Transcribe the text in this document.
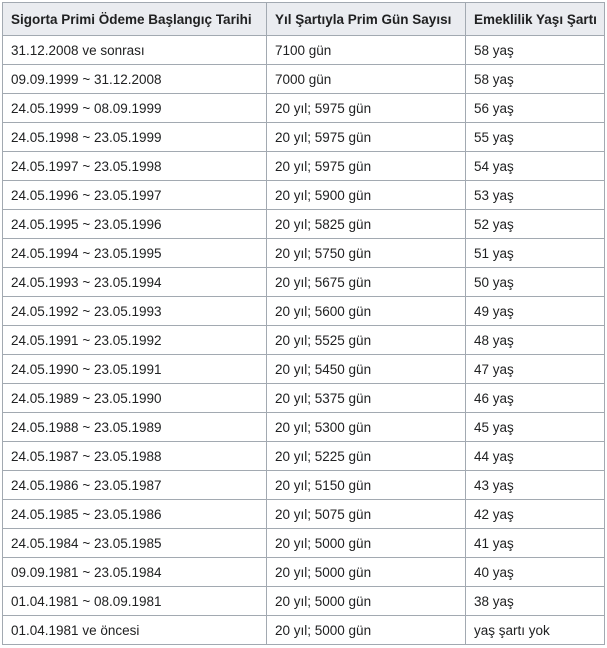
Sigorta Primi Ödeme Başlangıç Tarihi	Yıl Şartıyla Prim Gün Sayısı	Emeklilik Yaşı Şartı
31.12.2008 ve sonrası	7100 gün	58 yaş
09.09.1999 ~ 31.12.2008	7000 gün	58 yaş
24.05.1999 ~ 08.09.1999	20 yıl; 5975 gün	56 yaş
24.05.1998 ~ 23.05.1999	20 yıl; 5975 gün	55 yaş
24.05.1997 ~ 23.05.1998	20 yıl; 5975 gün	54 yaş
24.05.1996 ~ 23.05.1997	20 yıl; 5900 gün	53 yaş
24.05.1995 ~ 23.05.1996	20 yıl; 5825 gün	52 yaş
24.05.1994 ~ 23.05.1995	20 yıl; 5750 gün	51 yaş
24.05.1993 ~ 23.05.1994	20 yıl; 5675 gün	50 yaş
24.05.1992 ~ 23.05.1993	20 yıl; 5600 gün	49 yaş
24.05.1991 ~ 23.05.1992	20 yıl; 5525 gün	48 yaş
24.05.1990 ~ 23.05.1991	20 yıl; 5450 gün	47 yaş
24.05.1989 ~ 23.05.1990	20 yıl; 5375 gün	46 yaş
24.05.1988 ~ 23.05.1989	20 yıl; 5300 gün	45 yaş
24.05.1987 ~ 23.05.1988	20 yıl; 5225 gün	44 yaş
24.05.1986 ~ 23.05.1987	20 yıl; 5150 gün	43 yaş
24.05.1985 ~ 23.05.1986	20 yıl; 5075 gün	42 yaş
24.05.1984 ~ 23.05.1985	20 yıl; 5000 gün	41 yaş
09.09.1981 ~ 23.05.1984	20 yıl; 5000 gün	40 yaş
01.04.1981 ~ 08.09.1981	20 yıl; 5000 gün	38 yaş
01.04.1981 ve öncesi	20 yıl; 5000 gün	yaş şartı yok
